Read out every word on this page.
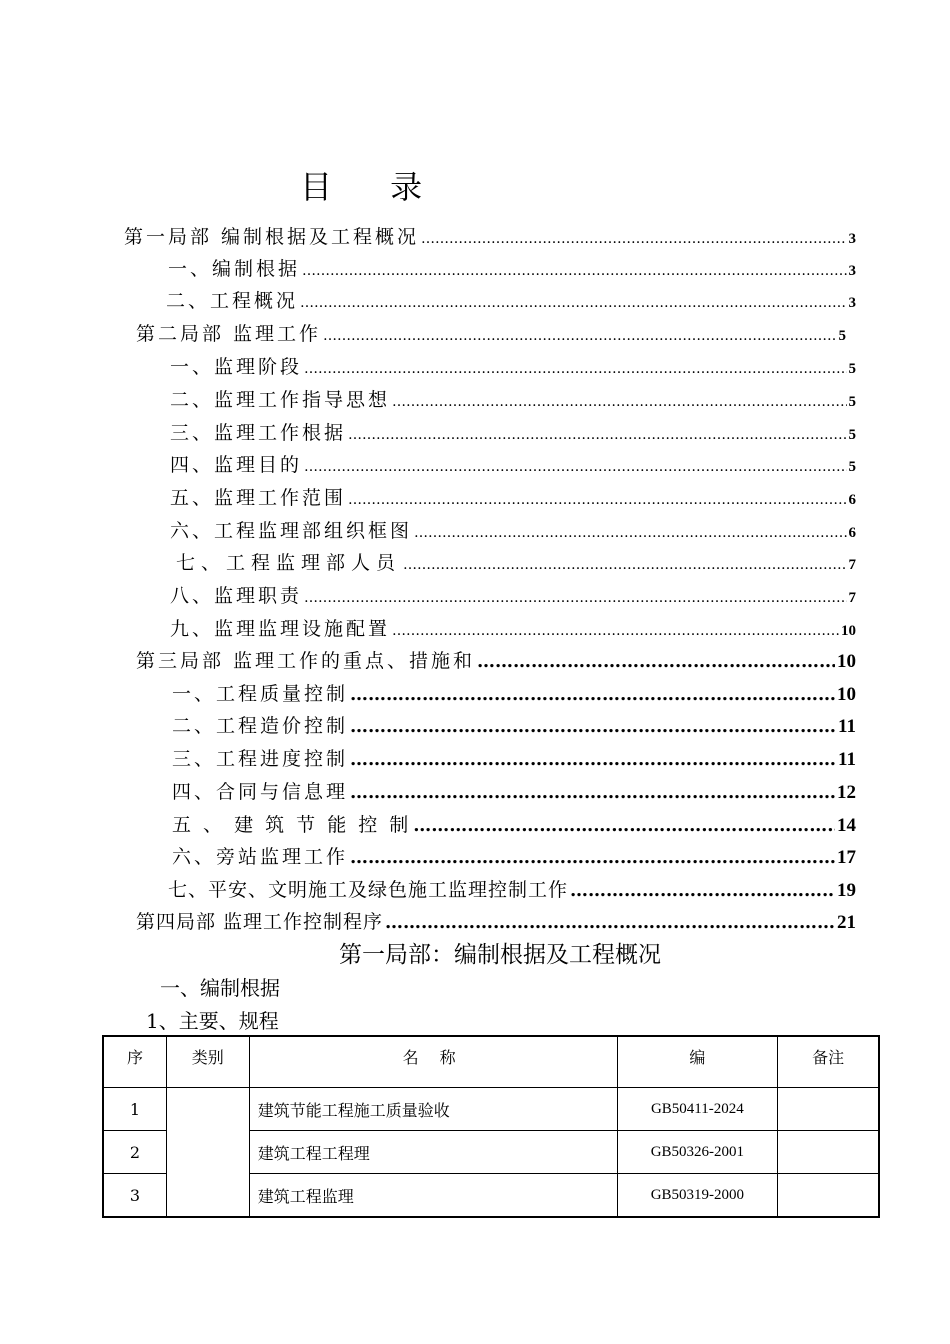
目 录
第一局部 编制根据及工程概况 ……………………………………………………………………………………………………………………………………………………………………………………	3
一、编制根据 ……………………………………………………………………………………………………………………………………………………………………………………	3
二、工程概况 ……………………………………………………………………………………………………………………………………………………………………………………	3
第二局部 监理工作 ……………………………………………………………………………………………………………………………………………………………………………………	5
一、监理阶段 ……………………………………………………………………………………………………………………………………………………………………………………	5
二、监理工作指导思想 ……………………………………………………………………………………………………………………………………………………………………………………	5
三、监理工作根据 ……………………………………………………………………………………………………………………………………………………………………………………	5
四、监理目的 ……………………………………………………………………………………………………………………………………………………………………………………	5
五、监理工作范围 ……………………………………………………………………………………………………………………………………………………………………………………	6
六、工程监理部组织框图 ……………………………………………………………………………………………………………………………………………………………………………………	6
七、工程监理部人员 ……………………………………………………………………………………………………………………………………………………………………………………	7
八、监理职责 ……………………………………………………………………………………………………………………………………………………………………………………	7
九、监理监理设施配置 ……………………………………………………………………………………………………………………………………………………………………………………	10
第三局部 监理工作的重点、措施和 ……………………………………………………………………………………………………………………………………………………………………………………	10
一、工程质量控制 ……………………………………………………………………………………………………………………………………………………………………………………	10
二、工程造价控制 ……………………………………………………………………………………………………………………………………………………………………………………	11
三、工程进度控制 ……………………………………………………………………………………………………………………………………………………………………………………	11
四、合同与信息理 ……………………………………………………………………………………………………………………………………………………………………………………	12
五 、 建 筑 节 能 控 制 ……………………………………………………………………………………………………………………………………………………………………………………	14
六、旁站监理工作 ……………………………………………………………………………………………………………………………………………………………………………………	17
七、平安、文明施工及绿色施工监理控制工作 ……………………………………………………………………………………………………………………………………………………………………………………	19
第四局部 监理工作控制程序 ……………………………………………………………………………………………………………………………………………………………………………………	21
第一局部：编制根据及工程概况
一、编制根据
1、主要、规程
序	类别	名 称	编	备注
1		建筑节能工程施工质量验收	GB50411-2024	
2		建筑工程工程理	GB50326-2001	
3		建筑工程监理	GB50319-2000	
